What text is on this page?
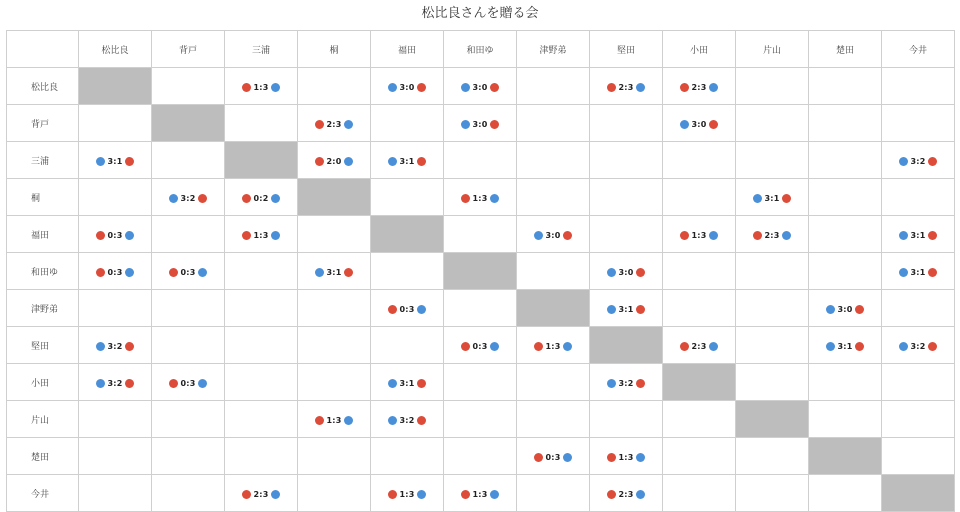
松比良さんを贈る会
	松比良	背戸	三浦	桐	福田	和田ゆ	津野弟	堅田	小田	片山	楚田	今井
松比良			1:3		3:0	3:0		2:3	2:3			

背戸				2:3		3:0			3:0			

三浦	3:1			2:0	3:1							3:2

桐		3:2	0:2			1:3				3:1		

福田	0:3		1:3				3:0		1:3	2:3		3:1

和田ゆ	0:3	0:3		3:1				3:0				3:1

津野弟					0:3			3:1			3:0	

堅田	3:2					0:3	1:3		2:3		3:1	3:2

小田	3:2	0:3			3:1			3:2				

片山				1:3	3:2							

楚田							0:3	1:3				

今井			2:3		1:3	1:3		2:3				
